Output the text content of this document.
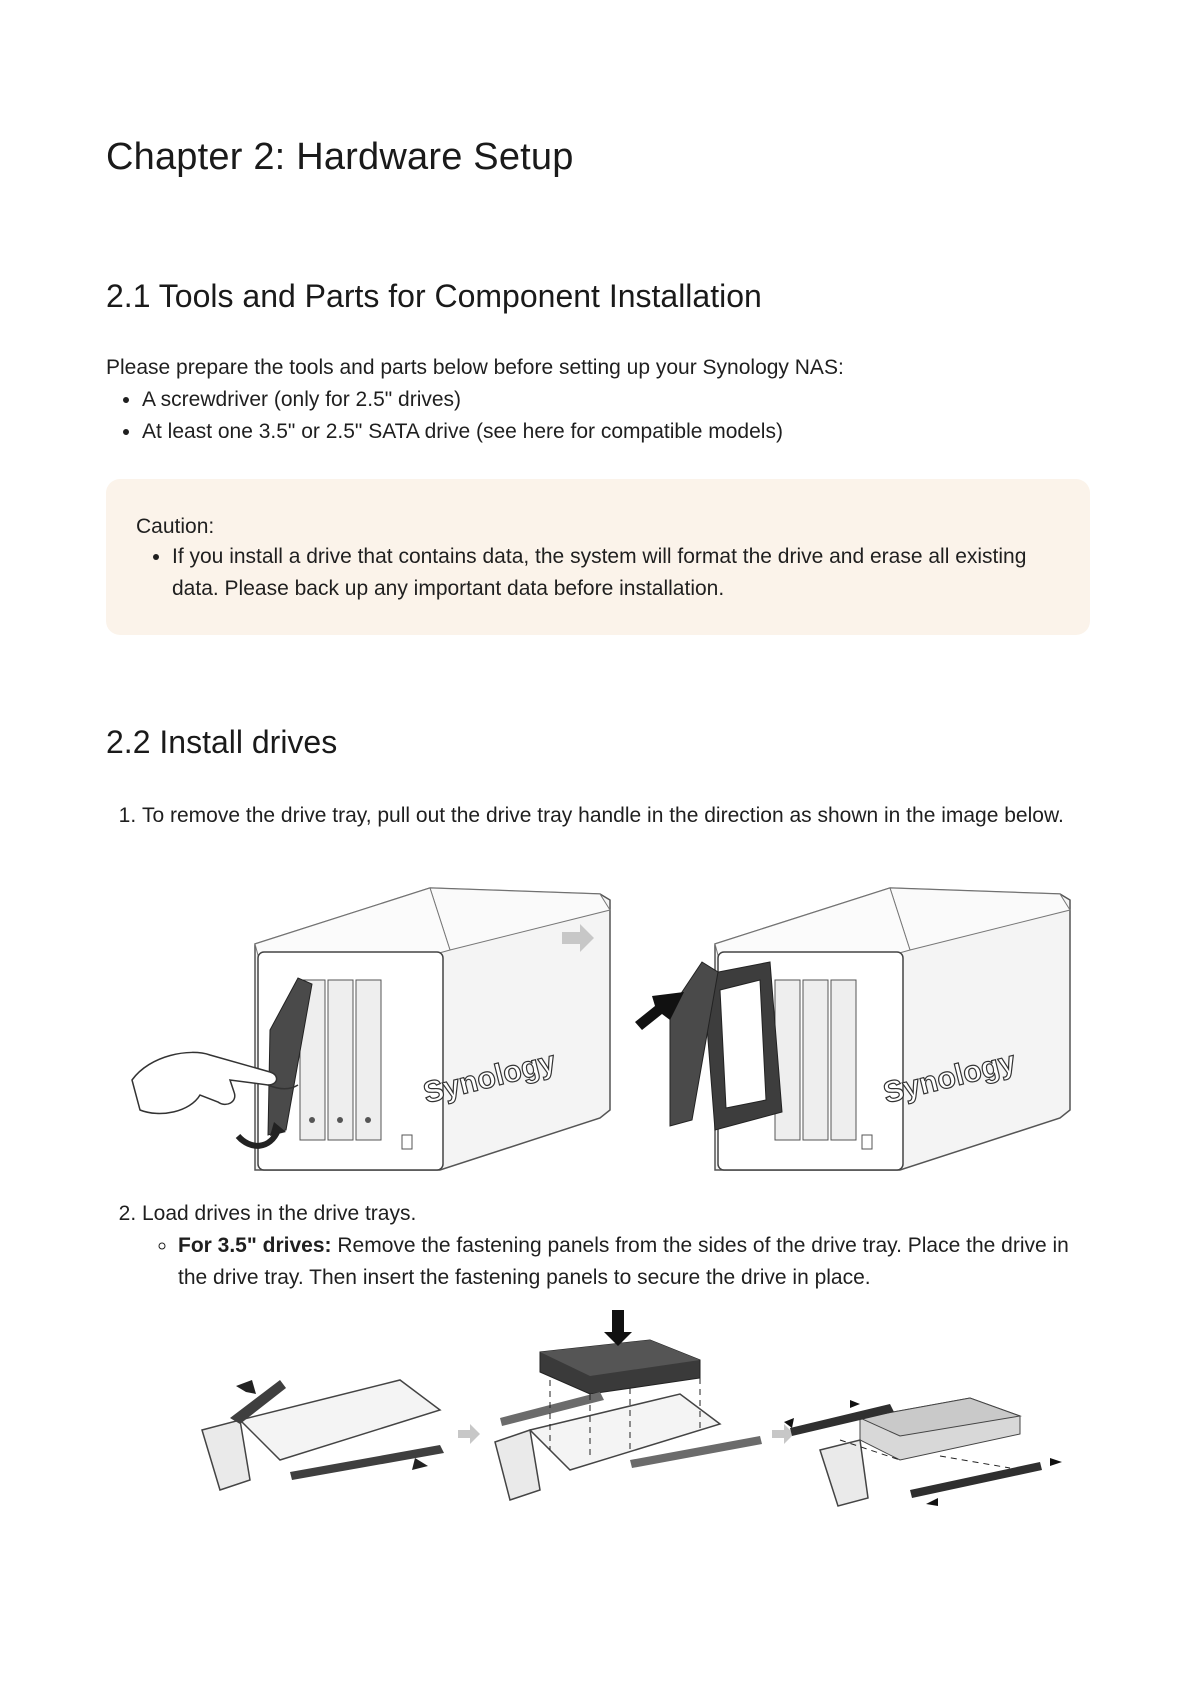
Chapter 2: Hardware Setup
2.1 Tools and Parts for Component Installation

Please prepare the tools and parts below before setting up your Synology NAS:

• A screwdriver (only for 2.5" drives)
• At least one 3.5" or 2.5" SATA drive (see here for compatible models)

Caution:

• If you install a drive that contains data, the system will format the drive and erase all existing data. Please back up any important data before installation.
2.2 Install drives
1. To remove the drive tray, pull out the drive tray handle in the direction as shown in the image below.
2. Load drives in the drive trays.
◦ For 3.5" drives: Remove the fastening panels from the sides of the drive tray. Place the drive in the drive tray. Then insert the fastening panels to secure the drive in place.
Synology	Synology
